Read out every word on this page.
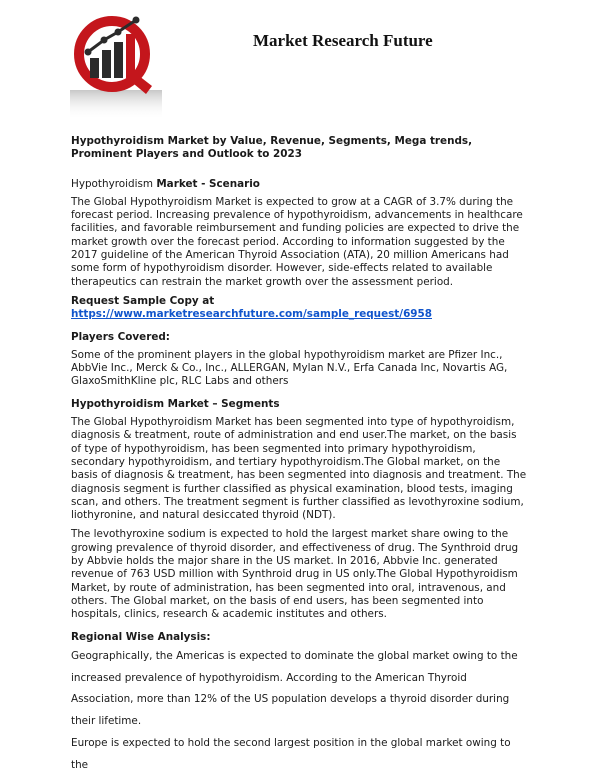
Market Research Future

Hypothyroidism Market by Value, Revenue, Segments, Mega trends, Prominent Players and Outlook to 2023

Hypothyroidism Market - Scenario

The Global Hypothyroidism Market is expected to grow at a CAGR of 3.7% during the forecast period. Increasing prevalence of hypothyroidism, advancements in healthcare facilities, and favorable reimbursement and funding policies are expected to drive the market growth over the forecast period. According to information suggested by the 2017 guideline of the American Thyroid Association (ATA), 20 million Americans had some form of hypothyroidism disorder. However, side-effects related to available therapeutics can restrain the market growth over the assessment period.

Request Sample Copy at

https://www.marketresearchfuture.com/sample_request/6958

Players Covered:

Some of the prominent players in the global hypothyroidism market are Pfizer Inc., AbbVie Inc., Merck & Co., Inc., ALLERGAN, Mylan N.V., Erfa Canada Inc, Novartis AG, GlaxoSmithKline plc, RLC Labs and others

Hypothyroidism Market – Segments

The Global Hypothyroidism Market has been segmented into type of hypothyroidism, diagnosis & treatment, route of administration and end user.The market, on the basis of type of hypothyroidism, has been segmented into primary hypothyroidism, secondary hypothyroidism, and tertiary hypothyroidism.The Global market, on the basis of diagnosis & treatment, has been segmented into diagnosis and treatment. The diagnosis segment is further classified as physical examination, blood tests, imaging scan, and others. The treatment segment is further classified as levothyroxine sodium, liothyronine, and natural desiccated thyroid (NDT).

The levothyroxine sodium is expected to hold the largest market share owing to the growing prevalence of thyroid disorder, and effectiveness of drug. The Synthroid drug by Abbvie holds the major share in the US market. In 2016, Abbvie Inc. generated revenue of 763 USD million with Synthroid drug in US only.The Global Hypothyroidism Market, by route of administration, has been segmented into oral, intravenous, and others. The Global market, on the basis of end users, has been segmented into hospitals, clinics, research & academic institutes and others.

Regional Wise Analysis:

Geographically, the Americas is expected to dominate the global market owing to the increased prevalence of hypothyroidism. According to the American Thyroid Association, more than 12% of the US population develops a thyroid disorder during their lifetime.

Europe is expected to hold the second largest position in the global market owing to the
